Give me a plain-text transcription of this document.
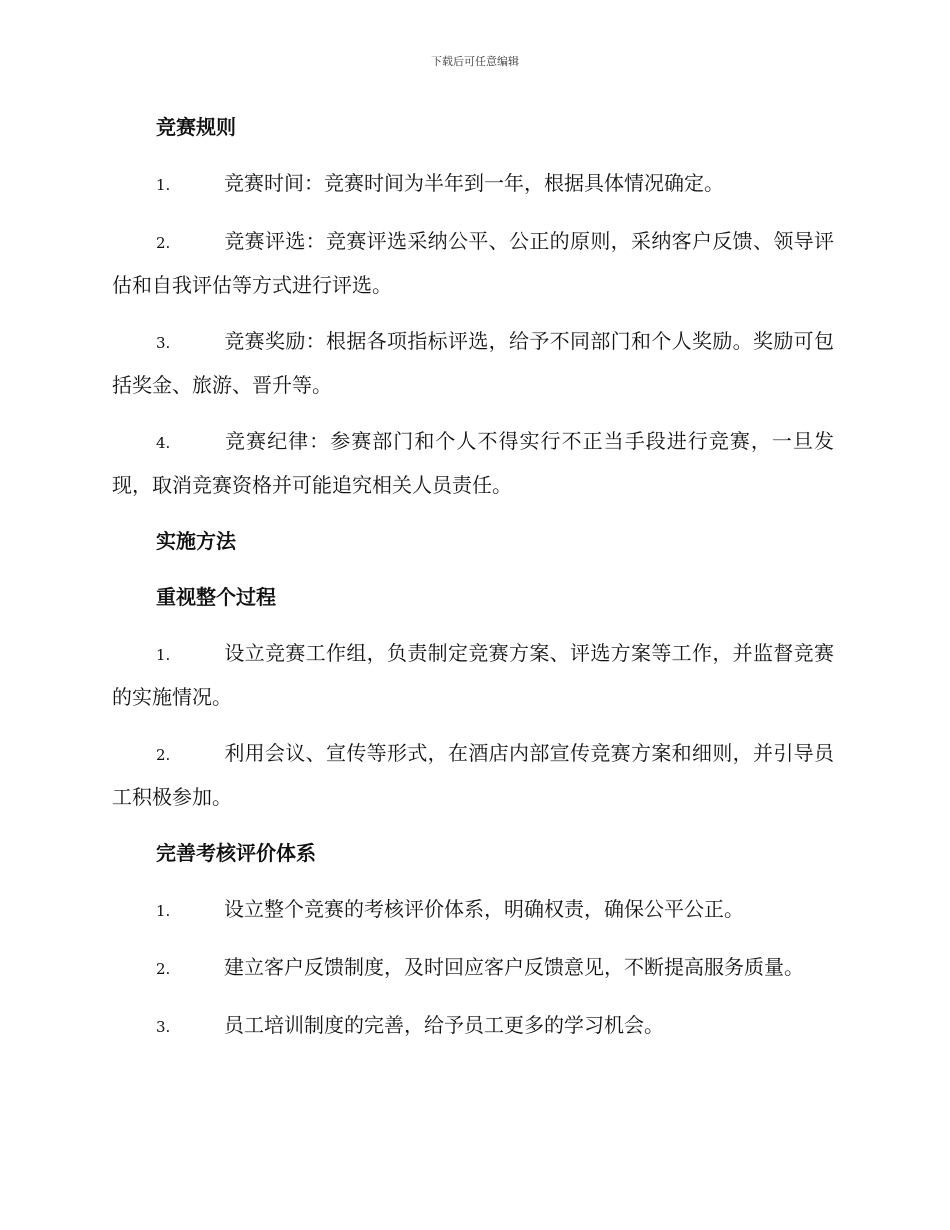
下载后可任意编辑
竞赛规则
1.	竞赛时间：竞赛时间为半年到一年，根据具体情况确定。
2.	竞赛评选：竞赛评选采纳公平、公正的原则，采纳客户反馈、领导评估和自我评估等方式进行评选。
3.	竞赛奖励：根据各项指标评选，给予不同部门和个人奖励。奖励可包括奖金、旅游、晋升等。
4.	竞赛纪律：参赛部门和个人不得实行不正当手段进行竞赛，一旦发现，取消竞赛资格并可能追究相关人员责任。
实施方法
重视整个过程
1.	设立竞赛工作组，负责制定竞赛方案、评选方案等工作，并监督竞赛的实施情况。
2.	利用会议、宣传等形式，在酒店内部宣传竞赛方案和细则，并引导员工积极参加。
完善考核评价体系
1.	设立整个竞赛的考核评价体系，明确权责，确保公平公正。
2.	建立客户反馈制度，及时回应客户反馈意见，不断提高服务质量。
3.	员工培训制度的完善，给予员工更多的学习机会。
